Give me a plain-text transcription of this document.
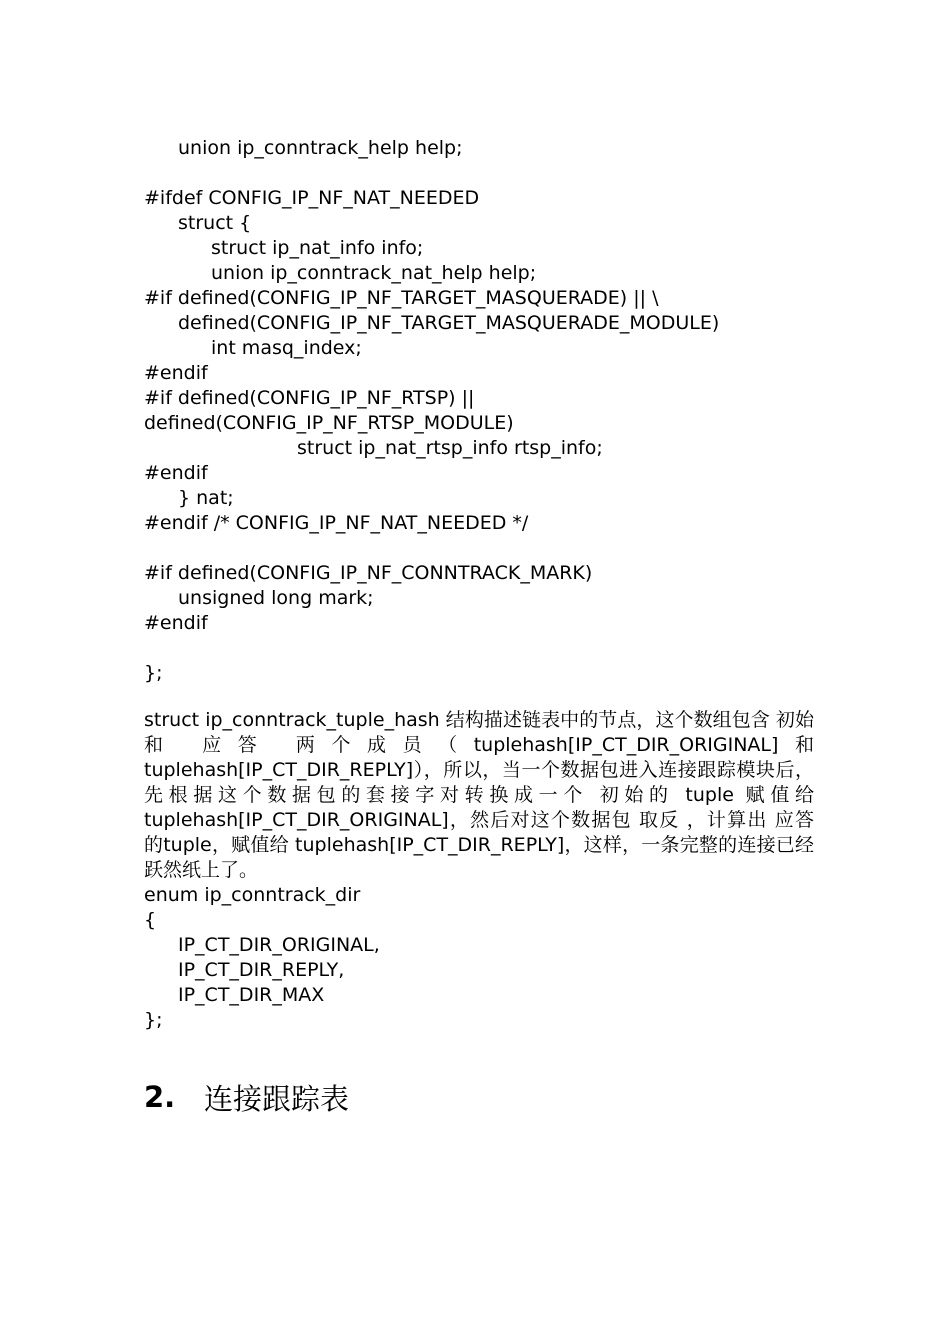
union ip_conntrack_help help;
#ifdef CONFIG_IP_NF_NAT_NEEDED
struct {
struct ip_nat_info info;
union ip_conntrack_nat_help help;
#if defined(CONFIG_IP_NF_TARGET_MASQUERADE) || \
defined(CONFIG_IP_NF_TARGET_MASQUERADE_MODULE)
int masq_index;
#endif
#if defined(CONFIG_IP_NF_RTSP) ||
defined(CONFIG_IP_NF_RTSP_MODULE)
struct ip_nat_rtsp_info rtsp_info;
#endif
} nat;
#endif /* CONFIG_IP_NF_NAT_NEEDED */
#if defined(CONFIG_IP_NF_CONNTRACK_MARK)
unsigned long mark;
#endif
};
struct ip_conntrack_tuple_hash 结构描述链表中的节点，这个数组包含 初始 和 应答 两个成员（tuplehash[IP_CT_DIR_ORIGINAL]和tuplehash[IP_CT_DIR_REPLY]），所以，当一个数据包进入连接跟踪模块后，先根据这个数据包的套接字对转换成一个 初始的 tuple 赋值给tuplehash[IP_CT_DIR_ORIGINAL]，然后对这个数据包 取反 ，计算出 应答 的tuple，赋值给 tuplehash[IP_CT_DIR_REPLY]，这样，一条完整的连接已经跃然纸上了。
enum ip_conntrack_dir
{
IP_CT_DIR_ORIGINAL,
IP_CT_DIR_REPLY,
IP_CT_DIR_MAX
};
2. 连接跟踪表
